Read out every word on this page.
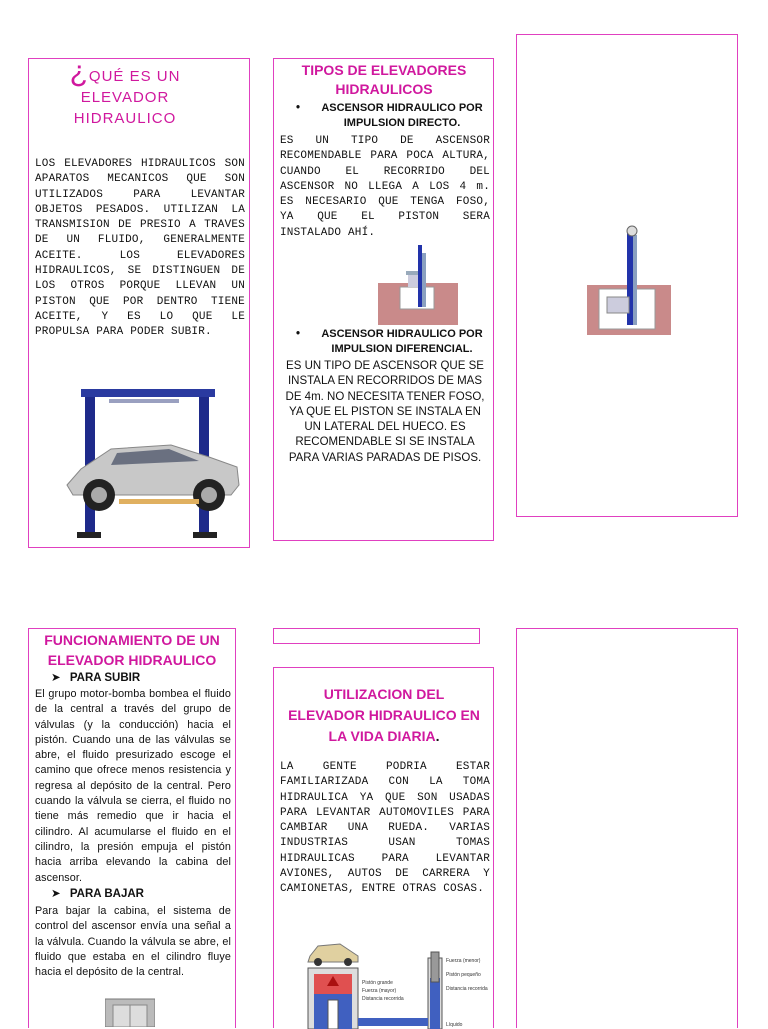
¿QUÉ ES UN
ELEVADOR
HIDRAULICO
LOS ELEVADORES HIDRAULICOS SON APARATOS MECANICOS QUE SON UTILIZADOS PARA LEVANTAR OBJETOS PESADOS. UTILIZAN LA TRANSMISION DE PRESIO A TRAVES DE UN FLUIDO, GENERALMENTE ACEITE. LOS ELEVADORES HIDRAULICOS, SE DISTINGUEN DE LOS OTROS PORQUE LLEVAN UN PISTON QUE POR DENTRO TIENE ACEITE, Y ES LO QUE LE PROPULSA PARA PODER SUBIR.
TIPOS DE ELEVADORES HIDRAULICOS
•	ASCENSOR HIDRAULICO POR IMPULSION DIRECTO.
ES UN TIPO DE ASCENSOR RECOMENDABLE PARA POCA ALTURA, CUANDO EL RECORRIDO DEL ASCENSOR NO LLEGA A LOS 4 m. ES NECESARIO QUE TENGA FOSO, YA QUE EL PISTON SERA INSTALADO AHÍ.
•	ASCENSOR HIDRAULICO POR IMPULSION DIFERENCIAL.
ES UN TIPO DE ASCENSOR QUE SE INSTALA EN RECORRIDOS DE MAS DE 4m. NO NECESITA TENER FOSO, YA QUE EL PISTON SE INSTALA EN UN LATERAL DEL HUECO. ES RECOMENDABLE SI SE INSTALA PARA VARIAS PARADAS DE PISOS.
FUNCIONAMIENTO DE UN ELEVADOR HIDRAULICO
➤ PARA SUBIR
El grupo motor-bomba bombea el fluido de la central a través del grupo de válvulas (y la conducción) hacia el pistón. Cuando una de las válvulas se abre, el fluido presurizado escoge el camino que ofrece menos resistencia y regresa al depósito de la central. Pero cuando la válvula se cierra, el fluido no tiene más remedio que ir hacia el cilindro. Al acumularse el fluido en el cilindro, la presión empuja el pistón hacia arriba elevando la cabina del ascensor.
➤ PARA BAJAR
Para bajar la cabina, el sistema de control del ascensor envía una señal a la válvula. Cuando la válvula se abre, el fluido que estaba en el cilindro fluye hacia el depósito de la central.
UTILIZACION DEL ELEVADOR HIDRAULICO EN LA VIDA DIARIA.
LA GENTE PODRIA ESTAR FAMILIARIZADA CON LA TOMA HIDRAULICA YA QUE SON USADAS PARA LEVANTAR AUTOMOVILES PARA CAMBIAR UNA RUEDA. VARIAS INDUSTRIAS USAN TOMAS HIDRAULICAS PARA LEVANTAR AVIONES, AUTOS DE CARRERA Y CAMIONETAS, ENTRE OTRAS COSAS.
Fuerza (menor)
Pistón pequeño
Distancia recorrida
Pistón grande
Fuerza (mayor)
Distancia recorrida
Líquido
